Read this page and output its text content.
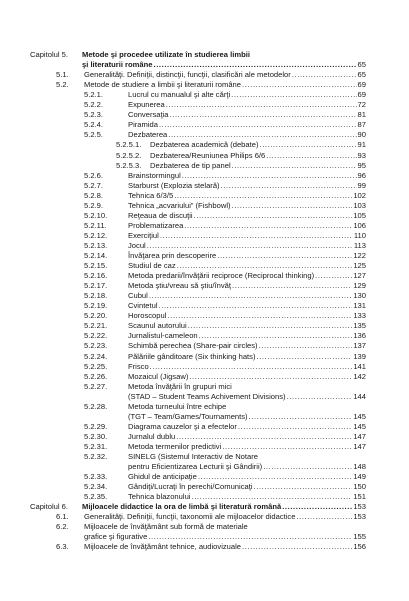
Capitolul 5.	Metode şi procedee utilizate în studierea limbii
şi literaturii române .....	65
5.1.	Generalităţi. Definiţii, distincţii, funcţii, clasificări ale metodelor .....	65
5.2.	Metode de studiere a limbii şi literaturii române .....	69
5.2.1.	Lucrul cu manualul şi alte cărţi .....	69
5.2.2.	Expunerea .....	72
5.2.3.	Conversaţia .....	81
5.2.4.	Piramida .....	87
5.2.5.	Dezbaterea .....	90
5.2.5.1.	Dezbaterea academică (debate) .....	91
5.2.5.2.	Dezbaterea/Reuniunea Philips 6/6 .....	93
5.2.5.3.	Dezbaterea de tip panel .....	95
5.2.6.	Brainstormingul .....	96
5.2.7.	Starburst (Explozia stelară) .....	99
5.2.8.	Tehnica 6/3/5 .....	102
5.2.9.	Tehnica „acvariului” (Fishbowl) .....	103
5.2.10.	Reţeaua de discuţii .....	105
5.2.11.	Problematizarea .....	106
5.2.12.	Exerciţiul .....	110
5.2.13.	Jocul .....	113
5.2.14.	Învăţarea prin descoperire .....	122
5.2.15.	Studiul de caz .....	125
5.2.16.	Metoda predarii/învăţării reciproce (Reciprocal thinking) .....	127
5.2.17.	Metoda ştiu/vreau să ştiu/învăţ .....	129
5.2.18.	Cubul .....	130
5.2.19.	Cvintetul .....	131
5.2.20.	Horoscopul .....	133
5.2.21.	Scaunul autorului .....	135
5.2.22.	Jurnalistul-cameleon .....	136
5.2.23.	Schimbă perechea (Share-pair circles) .....	137
5.2.24.	Pălăriile gânditoare (Six thinking hats) .....	139
5.2.25.	Frisco .....	141
5.2.26.	Mozaicul (Jigsaw) .....	142
5.2.27.	Metoda învăţării în grupuri mici
(STAD – Student Teams Achivement Divisions) .....	144
5.2.28.	Metoda turneului între echipe
(TGT – Team/Games/Tournaments) .....	145
5.2.29.	Diagrama cauzelor şi a efectelor .....	145
5.2.30.	Jurnalul dublu .....	147
5.2.31.	Metoda termenilor predictivi .....	147
5.2.32.	SINELG (Sistemul Interactiv de Notare
pentru Eficientizarea Lecturii şi Gândirii) .....	148
5.2.33.	Ghidul de anticipaţie .....	149
5.2.34.	Gândiţi/Lucraţi în perechi/Comunicaţi .....	150
5.2.35.	Tehnica blazonului .....	151
Capitolul 6.	Mijloacele didactice la ora de limbă şi literatură română .....	153
6.1.	Generalităţi. Definiţii, funcţii, taxonomii ale mijloacelor didactice .....	153
6.2.	Mijloacele de învăţământ sub formă de materiale
grafice şi figurative .....	155
6.3.	Mijloacele de învăţământ tehnice, audiovizuale .....	156
